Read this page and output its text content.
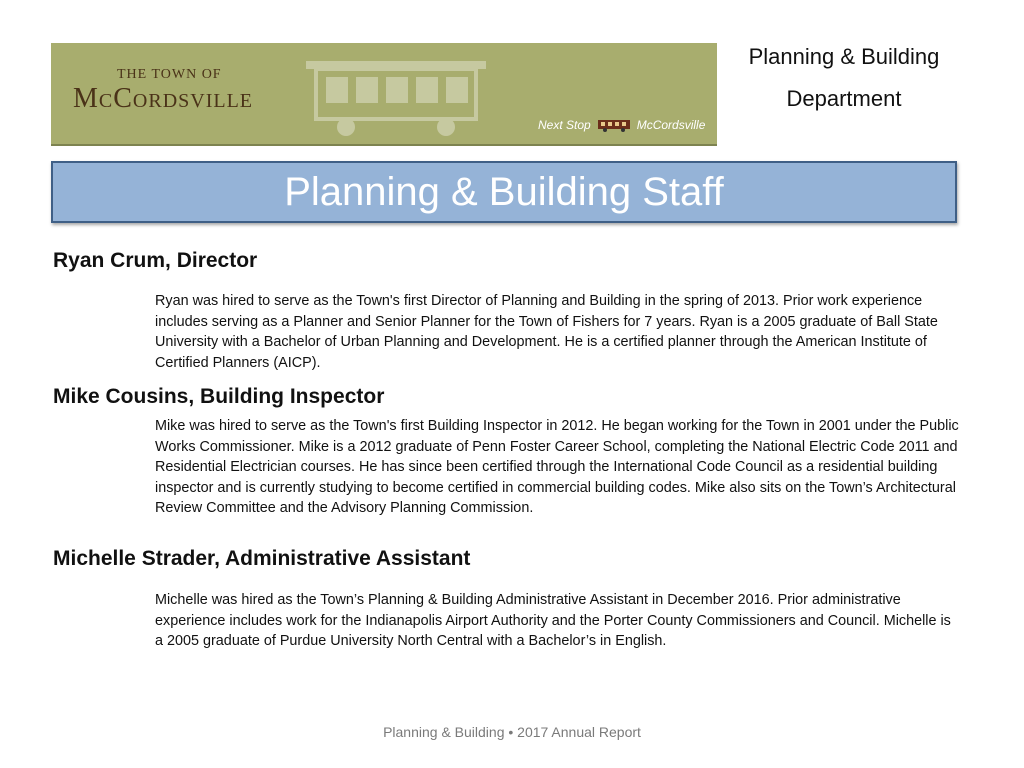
THE TOWN OF
McCordsville
Next Stop	McCordsville
Planning & Building
Department
Planning & Building Staff
Ryan Crum, Director
Ryan was hired to serve as the Town's first Director of Planning and Building in the spring of 2013. Prior work experience includes serving as a Planner and Senior Planner for the Town of Fishers for 7 years. Ryan is a 2005 graduate of Ball State University with a Bachelor of Urban Planning and Development. He is a certified planner through the American Institute of Certified Planners (AICP).
Mike Cousins, Building Inspector
Mike was hired to serve as the Town's first Building Inspector in 2012. He began working for the Town in 2001 under the Public Works Commissioner. Mike is a 2012 graduate of Penn Foster Career School, completing the National Electric Code 2011 and Residential Electrician courses. He has since been certified through the International Code Council as a residential building inspector and is currently studying to become certified in commercial building codes. Mike also sits on the Town’s Architectural Review Committee and the Advisory Planning Commission.
Michelle Strader, Administrative Assistant
Michelle was hired as the Town’s Planning & Building Administrative Assistant in December 2016. Prior administrative experience includes work for the Indianapolis Airport Authority and the Porter County Commissioners and Council. Michelle is a 2005 graduate of Purdue University North Central with a Bachelor’s in English.
Planning & Building • 2017 Annual Report
